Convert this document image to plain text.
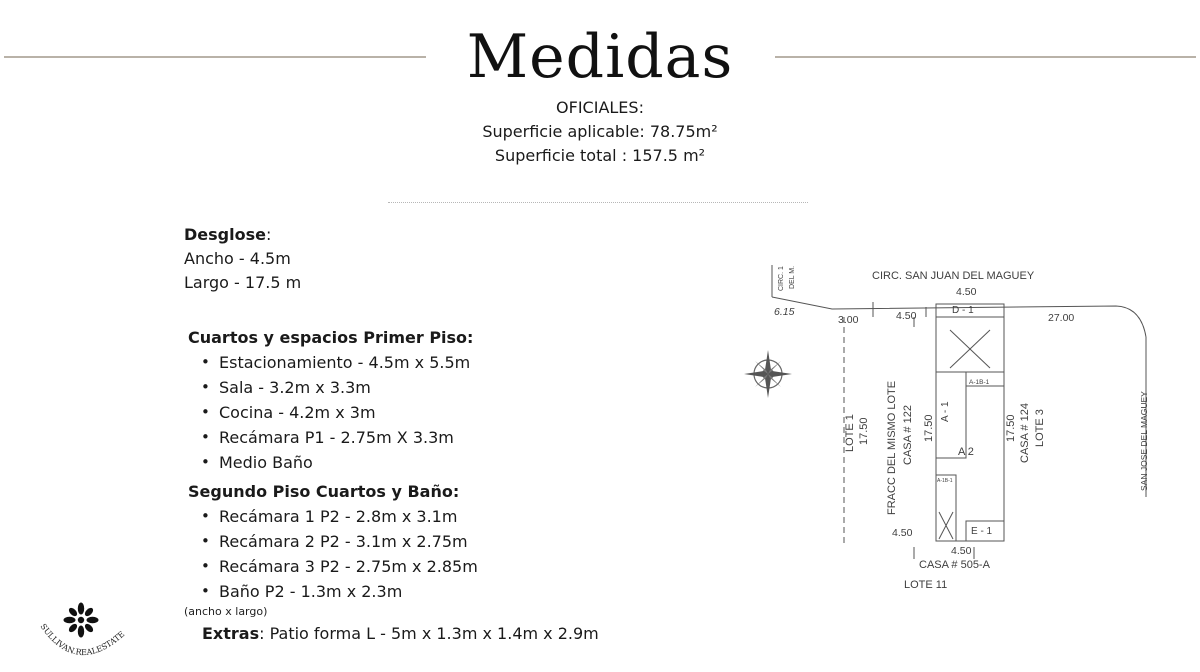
Medidas
OFICIALES:
Superficie aplicable: 78.75m²
Superficie total : 157.5 m²
Desglose:
Ancho - 4.5m
Largo - 17.5 m
Cuartos y espacios Primer Piso:
• Estacionamiento - 4.5m x 5.5m
• Sala - 3.2m x 3.3m
• Cocina - 4.2m x 3m
• Recámara P1 - 2.75m X 3.3m
• Medio Baño
Segundo Piso Cuartos y Baño:
• Recámara 1 P2 - 2.8m x 3.1m
• Recámara 2 P2 - 3.1m x 2.75m
• Recámara 3 P2 - 2.75m x 2.85m
• Baño P2 - 1.3m x 2.3m
(ancho x largo)
Extras: Patio forma L - 5m x 1.3m x 1.4m x 2.9m
SULLIVAN.REALESTATE
CIRC. SAN JUAN DEL MAGUEY
CIRC. 1 DEL M.
SAN JOSE DEL MAGUEY
4.50
D - 1
6.15
3.00	4.50	27.00
A-1B-1
A - 1
A 2
LOTE 1 17.50 FRACC DEL MISMO LOTE CASA # 122 17.50	17.50 CASA # 124 LOTE 3
A-1B-1
E - 1
4.50
4.50
CASA # 505-A
LOTE 11
